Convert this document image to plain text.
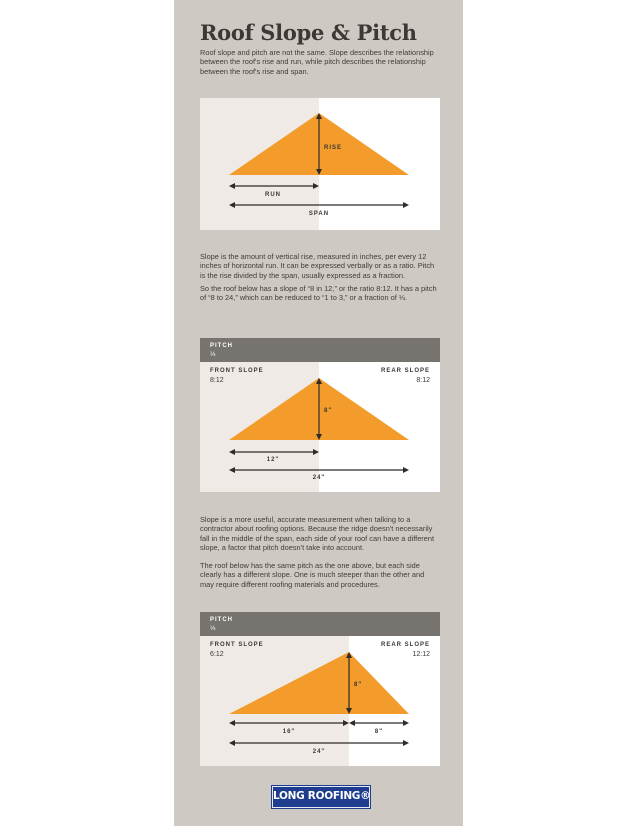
Roof Slope & Pitch

Roof slope and pitch are not the same. Slope describes the relationship between the roof's rise and run, while pitch describes the relationship between the roof's rise and span.

RISE
RUN
SPAN

Slope is the amount of vertical rise, measured in inches, per every 12 inches of horizontal run. It can be expressed verbally or as a ratio. Pitch is the rise divided by the span, usually expressed as a fraction.

So the roof below has a slope of “8 in 12,” or the ratio 8:12. It has a pitch of “8 to 24,” which can be reduced to “1 to 3,” or a fraction of ⅓.

8"
12"
24"
PITCH
⅓
FRONT SLOPE
8:12
REAR SLOPE
8:12

Slope is a more useful, accurate measurement when talking to a contractor about roofing options. Because the ridge doesn't necessarily fall in the middle of the span, each side of your roof can have a different slope, a factor that pitch doesn't take into account.

The roof below has the same pitch as the one above, but each side clearly has a different slope. One is much steeper than the other and may require different roofing materials and procedures.

8"
16"	8"
24"
PITCH
⅓
FRONT SLOPE
6:12
REAR SLOPE
12:12
LONG ROOFING®
